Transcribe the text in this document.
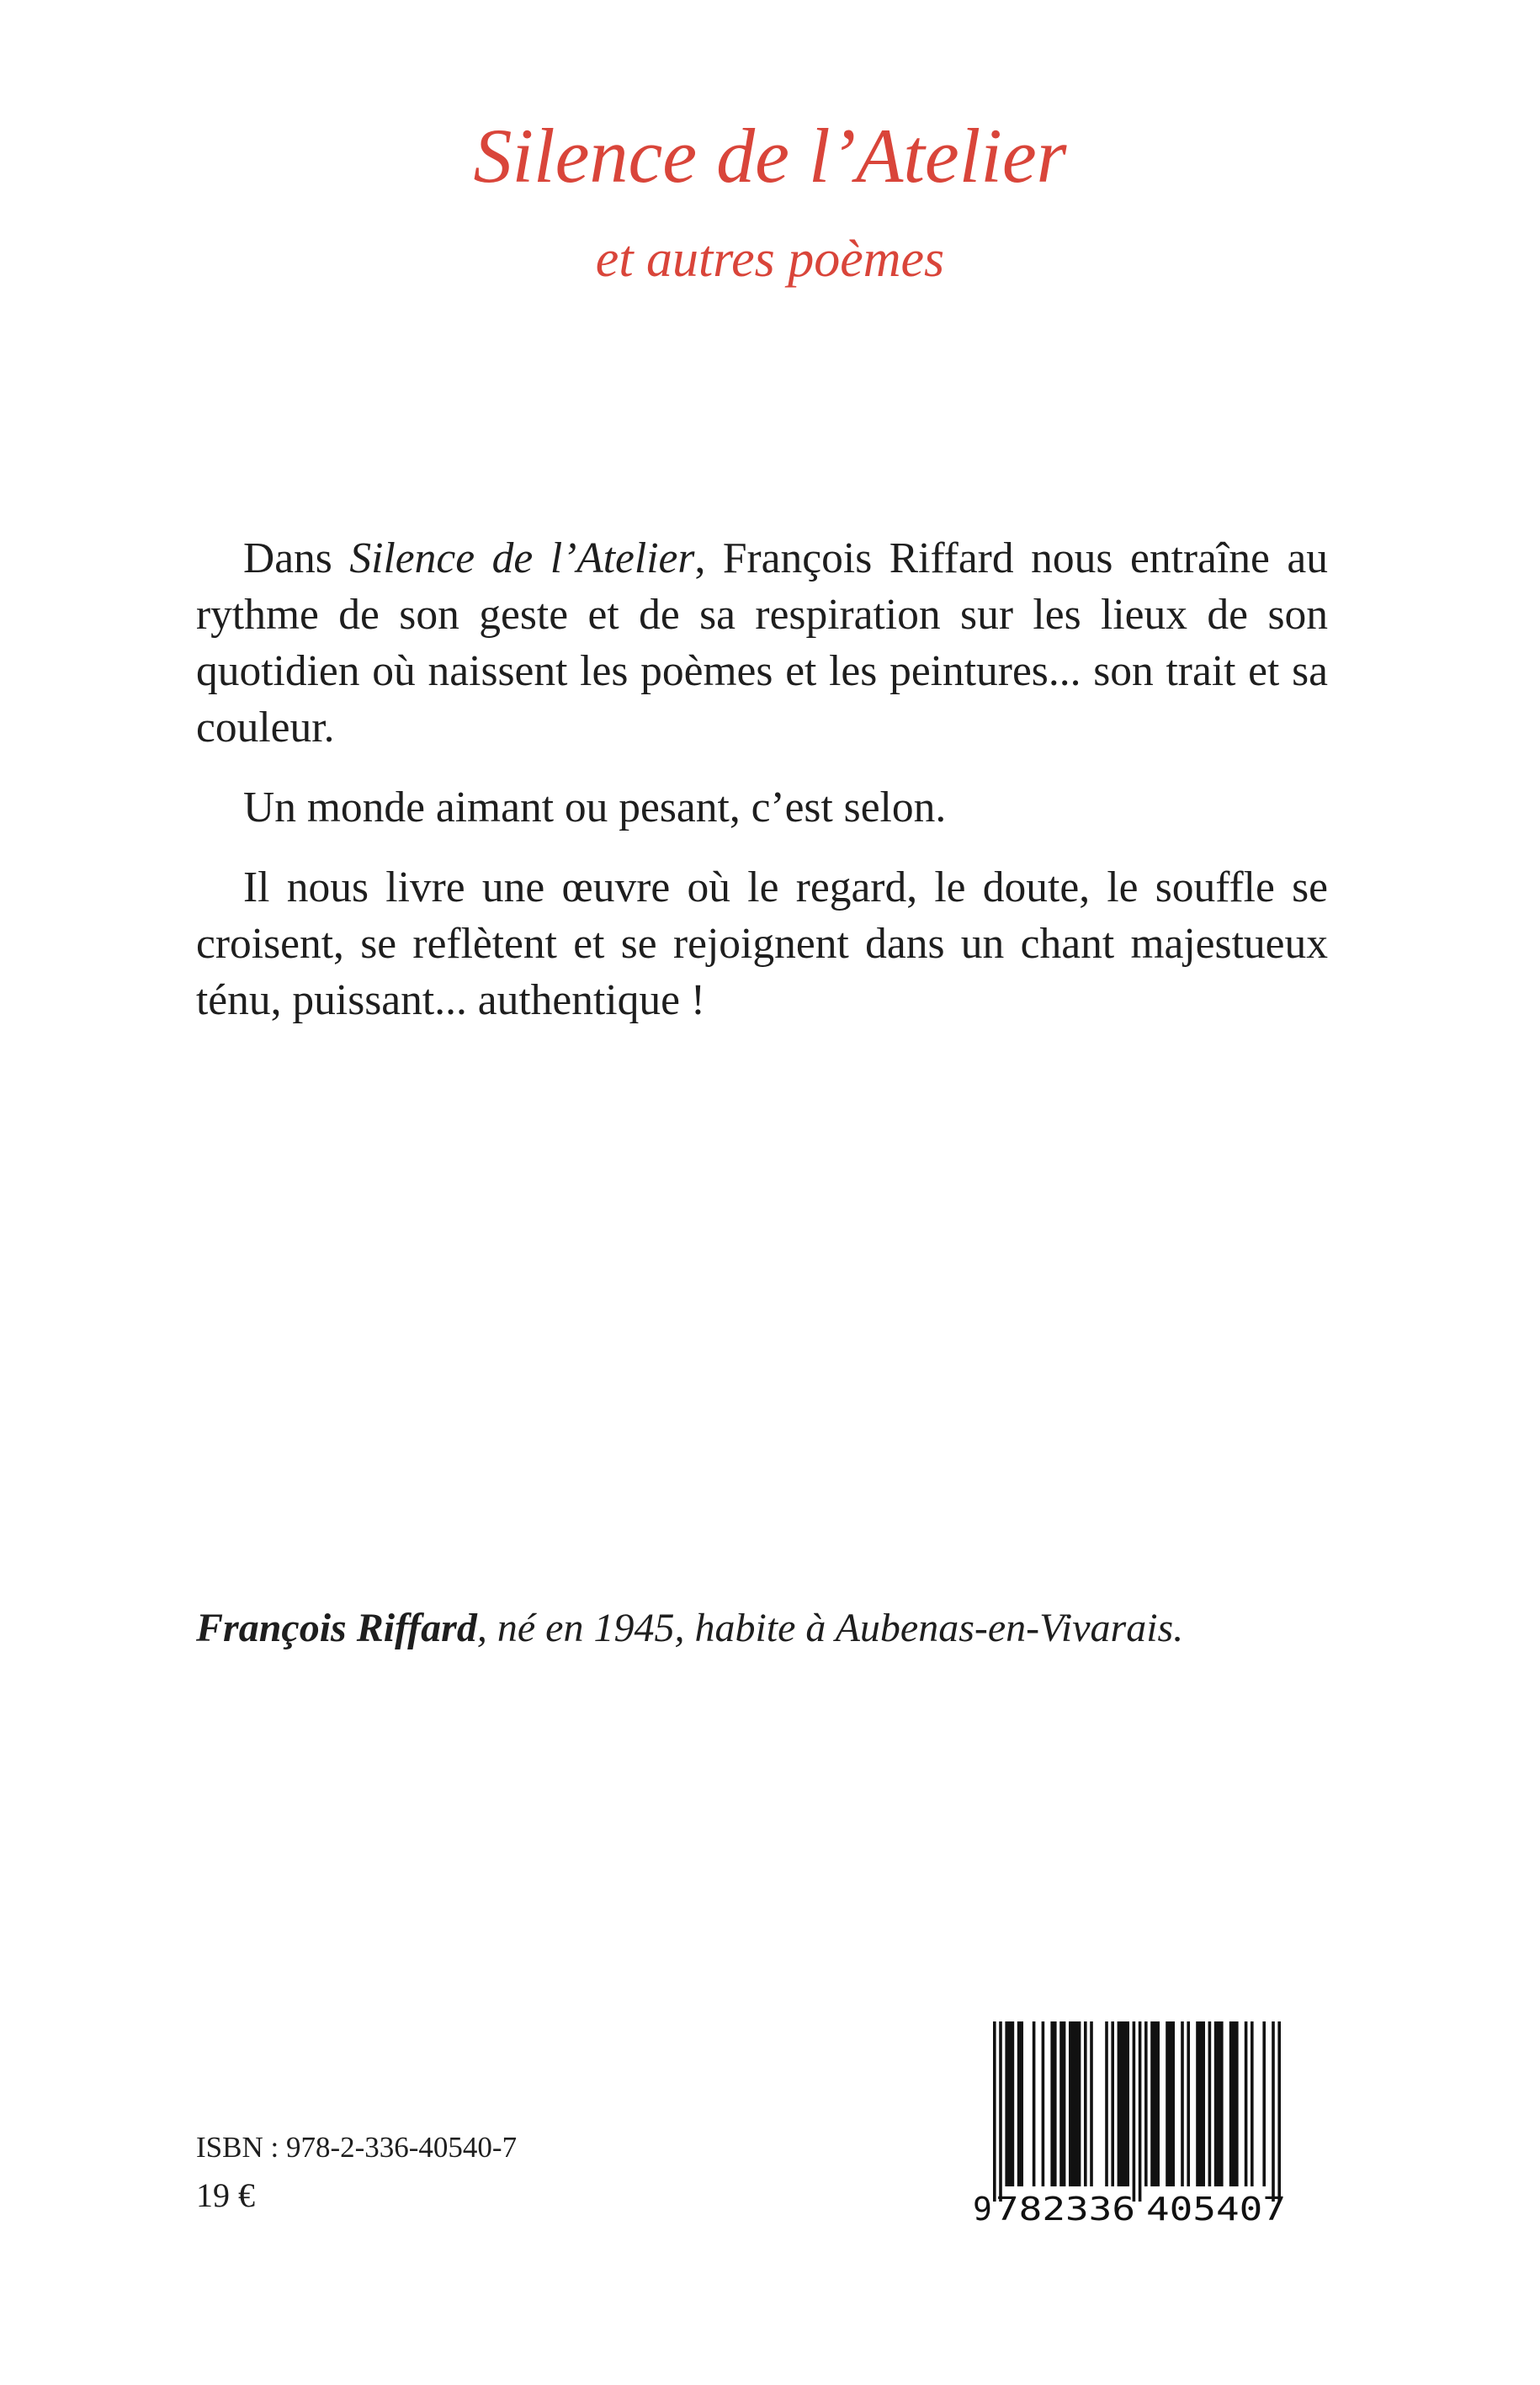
Silence de l’Atelier
et autres poèmes

Dans Silence de l’Atelier, François Riffard nous entraîne au rythme de son geste et de sa respiration sur les lieux de son quotidien où naissent les poèmes et les peintures... son trait et sa couleur.

Un monde aimant ou pesant, c’est selon.

Il nous livre une œuvre où le regard, le doute, le souffle se croisent, se reflètent et se rejoignent dans un chant majestueux ténu, puissant... authentique !

François Riffard, né en 1945, habite à Aubenas-en-Vivarais.
ISBN : 978-2-336-40540-7
19 €	9 782336 405407
